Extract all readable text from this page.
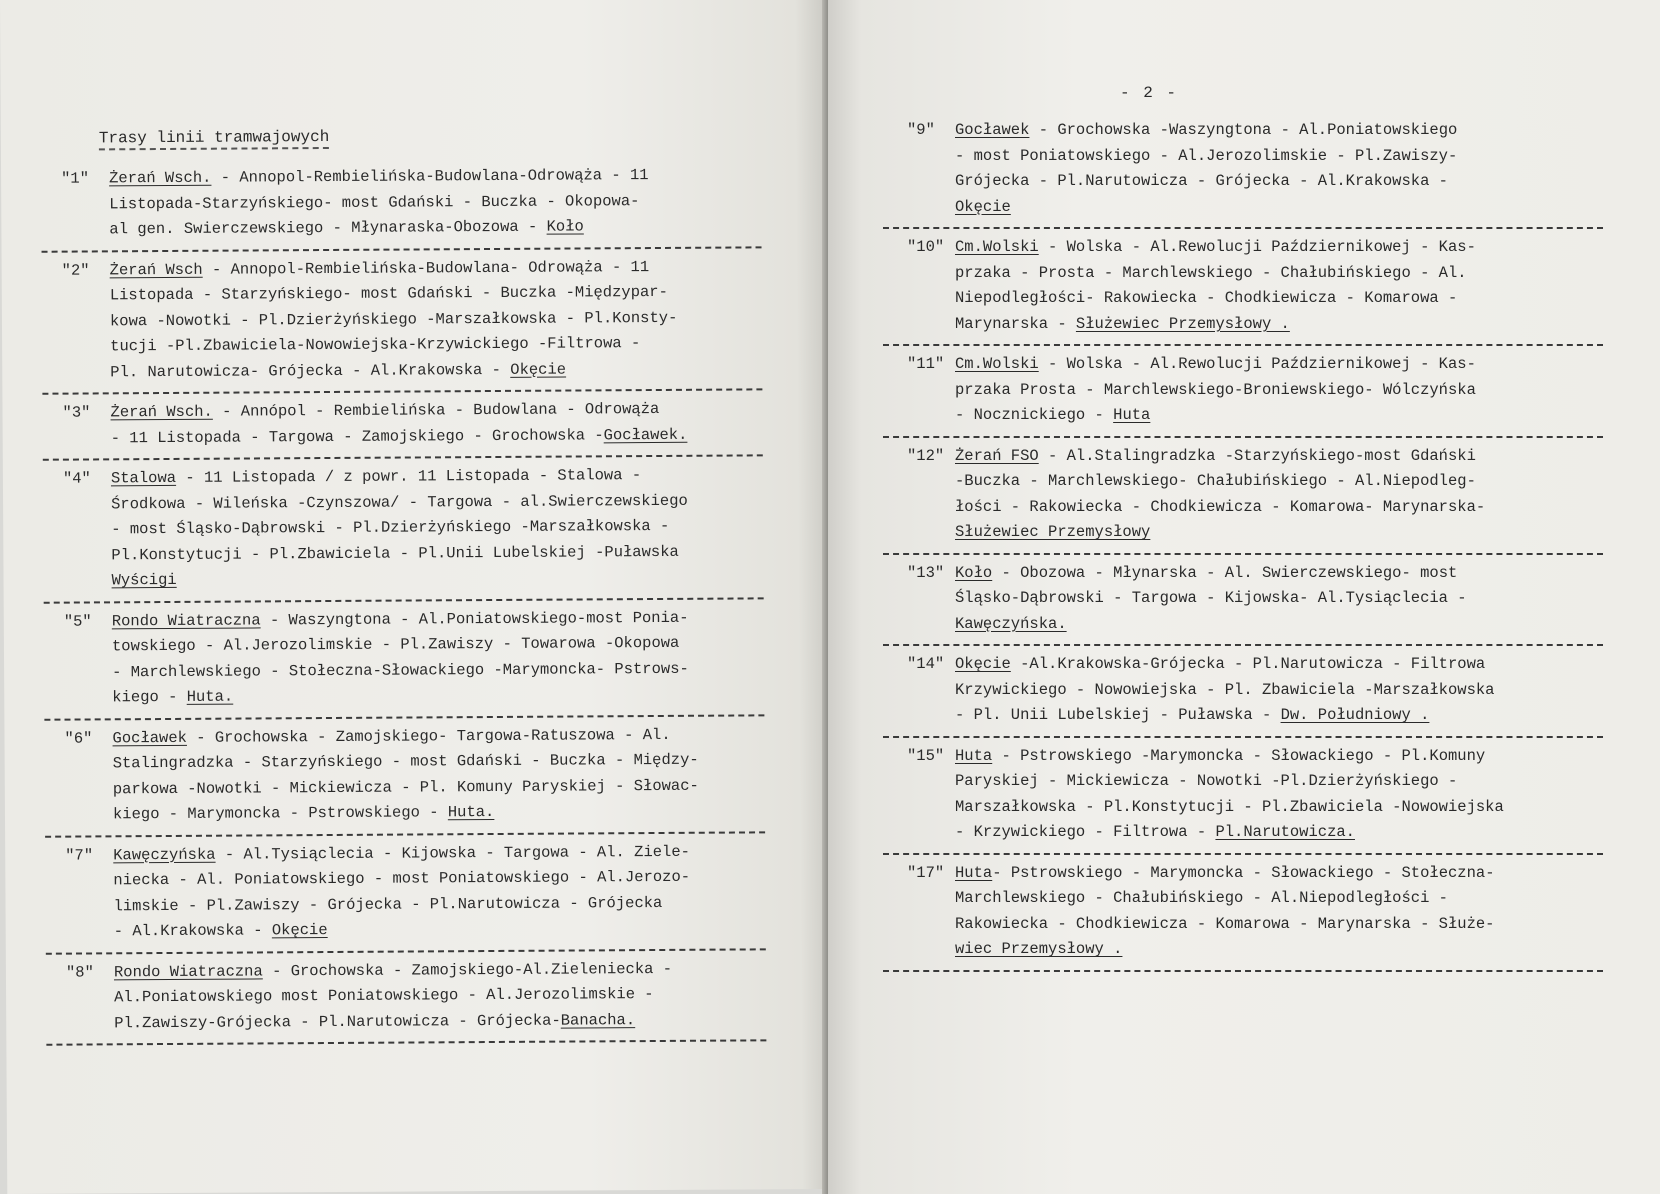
Trasy linii tramwajowych
"1"	Żerań Wsch. - Annopol-Rembielińska-Budowlana-Odrowąża - 11
Listopada-Starzyńskiego- most Gdański - Buczka - Okopowa-
al gen. Swierczewskiego - Młynaraska-Obozowa - Koło
"2"	Żerań Wsch - Annopol-Rembielińska-Budowlana- Odrowąża - 11
Listopada - Starzyńskiego- most Gdański - Buczka -Międzypar-
kowa -Nowotki - Pl.Dzierżyńskiego -Marszałkowska - Pl.Konsty-
tucji -Pl.Zbawiciela-Nowowiejska-Krzywickiego -Filtrowa -
Pl. Narutowicza- Grójecka - Al.Krakowska - Okęcie
"3"	Żerań Wsch. - Annópol - Rembielińska - Budowlana - Odrowąża
- 11 Listopada - Targowa - Zamojskiego - Grochowska -Gocławek.
"4"	Stalowa - 11 Listopada / z powr. 11 Listopada - Stalowa -
Środkowa - Wileńska -Czynszowa/ - Targowa - al.Swierczewskiego
- most Śląsko-Dąbrowski - Pl.Dzierżyńskiego -Marszałkowska -
Pl.Konstytucji - Pl.Zbawiciela - Pl.Unii Lubelskiej -Puławska
Wyścigi
"5"	Rondo Wiatraczna - Waszyngtona - Al.Poniatowskiego-most Ponia-
towskiego - Al.Jerozolimskie - Pl.Zawiszy - Towarowa -Okopowa
- Marchlewskiego - Stołeczna-Słowackiego -Marymoncka- Pstrows-
kiego - Huta.
"6"	Gocławek - Grochowska - Zamojskiego- Targowa-Ratuszowa - Al.
Stalingradzka - Starzyńskiego - most Gdański - Buczka - Między-
parkowa -Nowotki - Mickiewicza - Pl. Komuny Paryskiej - Słowac-
kiego - Marymoncka - Pstrowskiego - Huta.
"7"	Kawęczyńska - Al.Tysiąclecia - Kijowska - Targowa - Al. Ziele-
niecka - Al. Poniatowskiego - most Poniatowskiego - Al.Jerozo-
limskie - Pl.Zawiszy - Grójecka - Pl.Narutowicza - Grójecka
- Al.Krakowska - Okęcie
"8"	Rondo Wiatraczna - Grochowska - Zamojskiego-Al.Zieleniecka -
Al.Poniatowskiego most Poniatowskiego - Al.Jerozolimskie -
Pl.Zawiszy-Grójecka - Pl.Narutowicza - Grójecka-Banacha.
- 2 -
"9"	Gocławek - Grochowska -Waszyngtona - Al.Poniatowskiego
- most Poniatowskiego - Al.Jerozolimskie - Pl.Zawiszy-
Grójecka - Pl.Narutowicza - Grójecka - Al.Krakowska -
Okęcie
"10" Cm.Wolski - Wolska - Al.Rewolucji Październikowej - Kas-
przaka - Prosta - Marchlewskiego - Chałubińskiego - Al.
Niepodległości- Rakowiecka - Chodkiewicza - Komarowa -
Marynarska - Służewiec Przemysłowy .
"11" Cm.Wolski - Wolska - Al.Rewolucji Październikowej - Kas-
przaka Prosta - Marchlewskiego-Broniewskiego- Wólczyńska
- Nocznickiego - Huta
"12" Żerań FSO - Al.Stalingradzka -Starzyńskiego-most Gdański
-Buczka - Marchlewskiego- Chałubińskiego - Al.Niepodleg-
łości - Rakowiecka - Chodkiewicza - Komarowa- Marynarska-
Służewiec Przemysłowy
"13" Koło - Obozowa - Młynarska - Al. Swierczewskiego- most
Śląsko-Dąbrowski - Targowa - Kijowska- Al.Tysiąclecia -
Kawęczyńska.
"14" Okęcie -Al.Krakowska-Grójecka - Pl.Narutowicza - Filtrowa
Krzywickiego - Nowowiejska - Pl. Zbawiciela -Marszałkowska
- Pl. Unii Lubelskiej - Puławska - Dw. Południowy .
"15" Huta - Pstrowskiego -Marymoncka - Słowackiego - Pl.Komuny
Paryskiej - Mickiewicza - Nowotki -Pl.Dzierżyńskiego -
Marszałkowska - Pl.Konstytucji - Pl.Zbawiciela -Nowowiejska
- Krzywickiego - Filtrowa - Pl.Narutowicza.
"17" Huta- Pstrowskiego - Marymoncka - Słowackiego - Stołeczna-
Marchlewskiego - Chałubińskiego - Al.Niepodległości -
Rakowiecka - Chodkiewicza - Komarowa - Marynarska - Służe-
wiec Przemysłowy .
